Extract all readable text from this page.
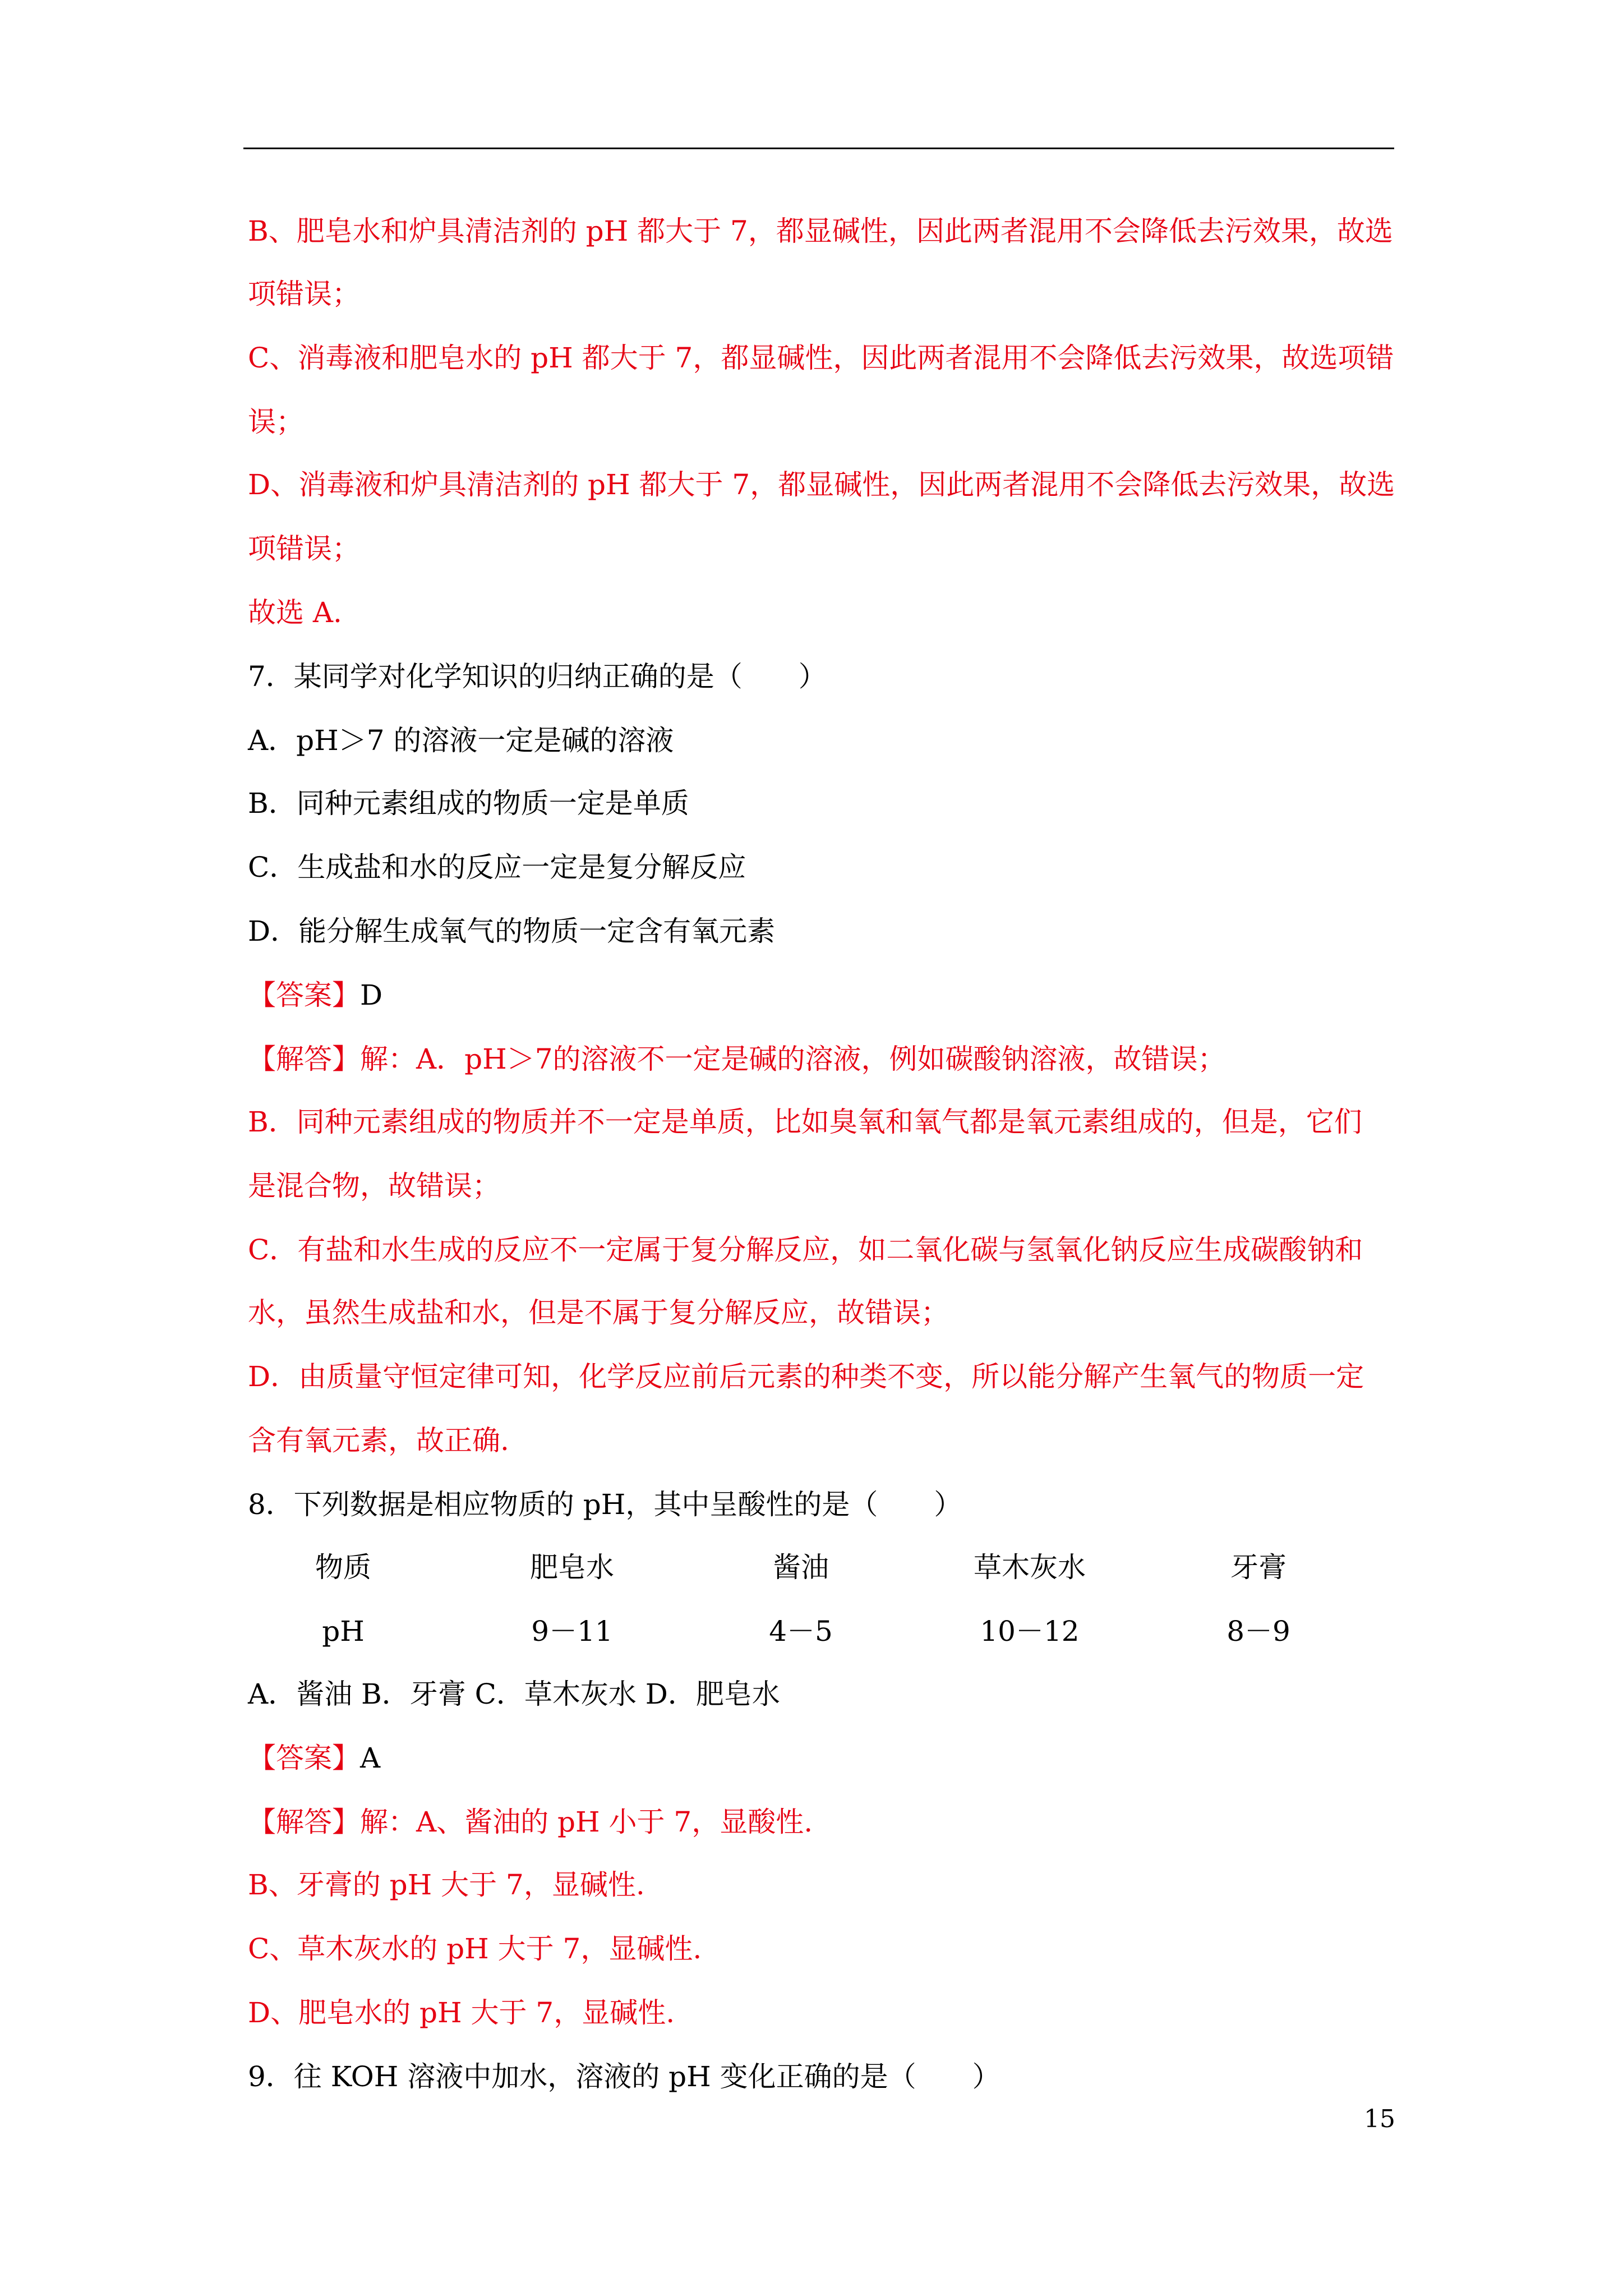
B、肥皂水和炉具清洁剂的 pH 都大于 7，都显碱性，因此两者混用不会降低去污效果，故选
项错误；
C、消毒液和肥皂水的 pH 都大于 7，都显碱性，因此两者混用不会降低去污效果，故选项错
误；
D、消毒液和炉具清洁剂的 pH 都大于 7，都显碱性，因此两者混用不会降低去污效果，故选
项错误；
故选 A.
7．某同学对化学知识的归纳正确的是（　　）
A．pH＞7 的溶液一定是碱的溶液
B．同种元素组成的物质一定是单质
C．生成盐和水的反应一定是复分解反应
D．能分解生成氧气的物质一定含有氧元素
【答案】D
【解答】解：A．pH＞7的溶液不一定是碱的溶液，例如碳酸钠溶液，故错误；
B．同种元素组成的物质并不一定是单质，比如臭氧和氧气都是氧元素组成的，但是，它们
是混合物，故错误；
C．有盐和水生成的反应不一定属于复分解反应，如二氧化碳与氢氧化钠反应生成碳酸钠和
水，虽然生成盐和水，但是不属于复分解反应，故错误；
D．由质量守恒定律可知，化学反应前后元素的种类不变，所以能分解产生氧气的物质一定
含有氧元素，故正确.
8．下列数据是相应物质的 pH，其中呈酸性的是（　　）
物质	肥皂水	酱油	草木灰水	牙膏
pH	9－11	4－5	10－12	8－9
A．酱油 B．牙膏 C．草木灰水 D．肥皂水
【答案】A
【解答】解：A、酱油的 pH 小于 7，显酸性.
B、牙膏的 pH 大于 7，显碱性.
C、草木灰水的 pH 大于 7，显碱性.
D、肥皂水的 pH 大于 7，显碱性.
9．往 KOH 溶液中加水，溶液的 pH 变化正确的是（　　）
15
